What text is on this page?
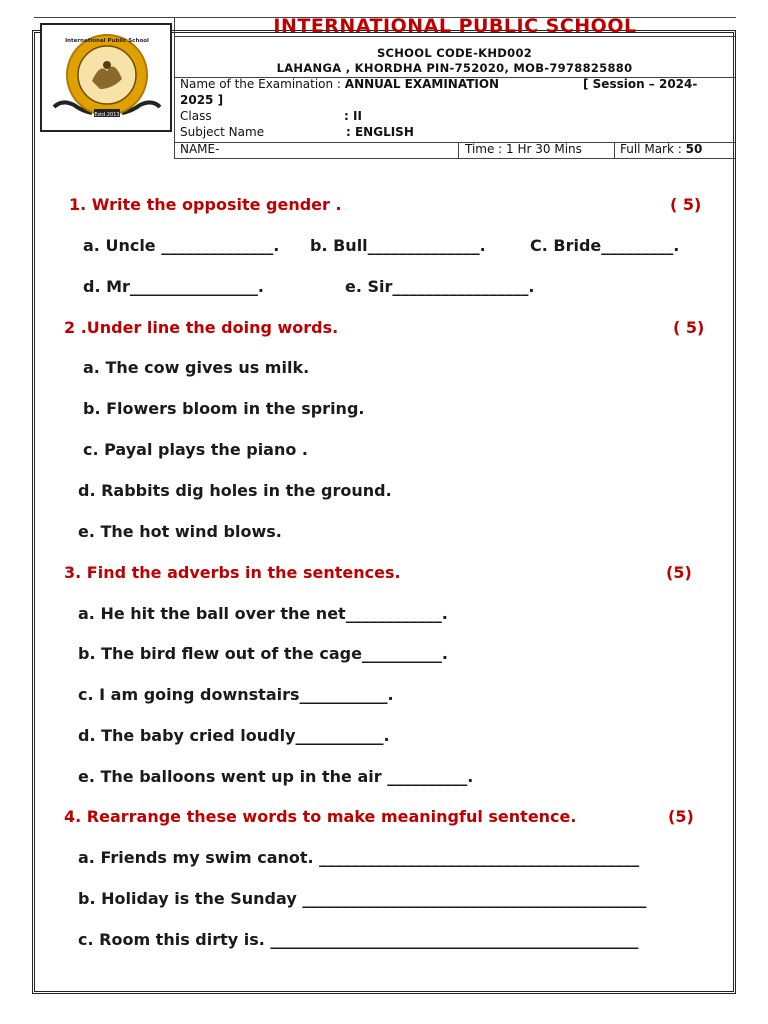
INTERNATIONAL PUBLIC SCHOOL
Estd.2013
International Public School
SCHOOL CODE-KHD002
LAHANGA , KHORDHA PIN-752020, MOB-7978825880
Name of the Examination : ANNUAL EXAMINATION	[ Session – 2024-
2025 ]
Class	: II
Subject Name	: ENGLISH
NAME-	Time : 1 Hr 30 Mins	Full Mark : 50
1. Write the opposite gender .	( 5)
a. Uncle ______________. b. Bull______________.	C. Bride_________.
d. Mr________________.	e. Sir_________________.
2 .Under line the doing words.	( 5)
a. The cow gives us milk.
b. Flowers bloom in the spring.
c. Payal plays the piano .
d. Rabbits dig holes in the ground.
e. The hot wind blows.
3. Find the adverbs in the sentences.	(5)
a. He hit the ball over the net____________.
b. The bird flew out of the cage__________.
c. I am going downstairs___________.
d. The baby cried loudly___________.
e. The balloons went up in the air __________.
4. Rearrange these words to make meaningful sentence.	(5)
a. Friends my swim canot. ________________________________________
b. Holiday is the Sunday ___________________________________________
c. Room this dirty is. ______________________________________________
